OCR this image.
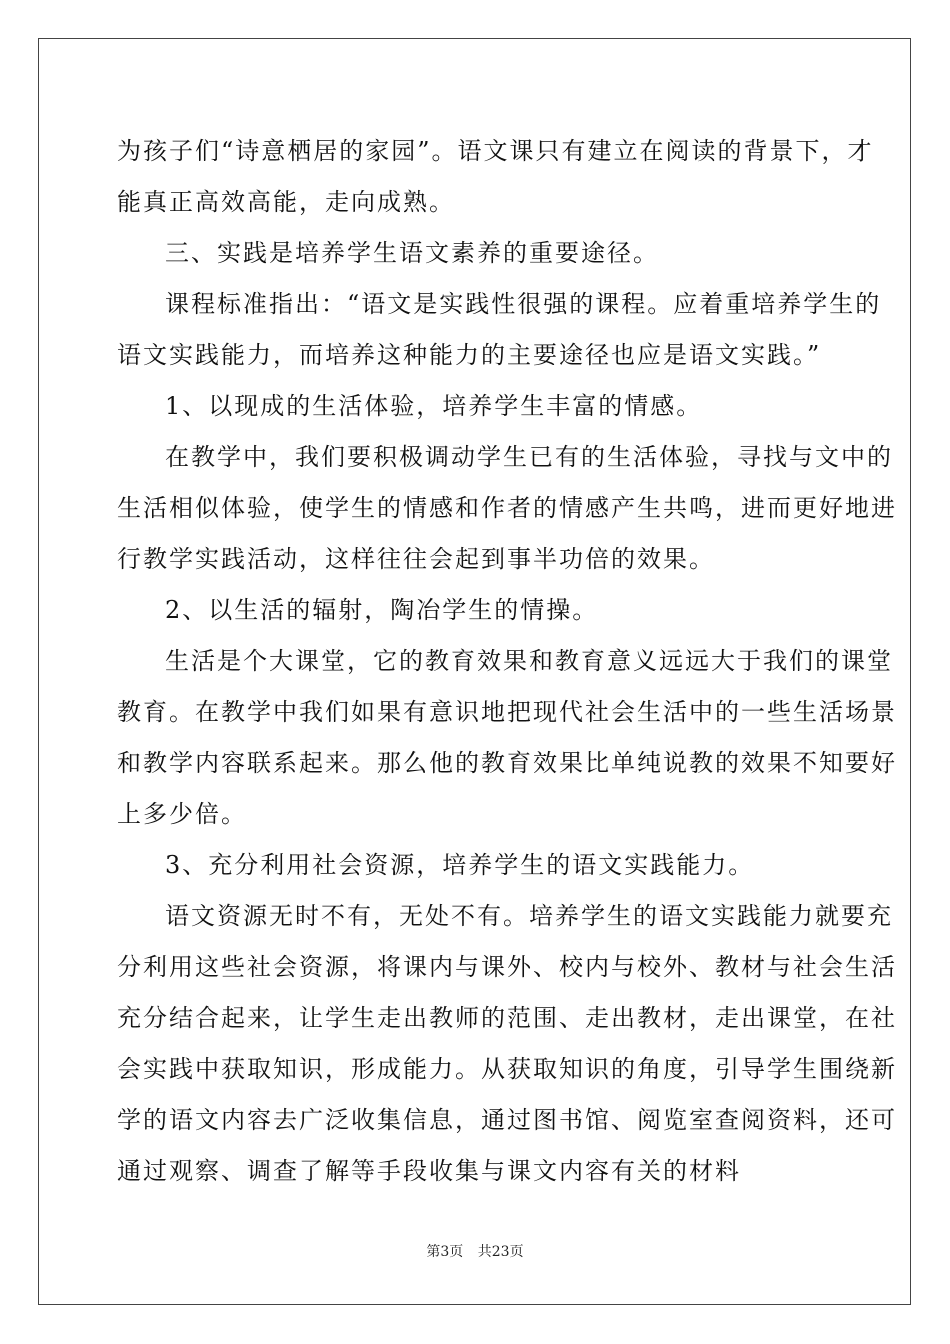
为孩子们“诗意栖居的家园”。语文课只有建立在阅读的背景下，才

能真正高效高能，走向成熟。

三、实践是培养学生语文素养的重要途径。

课程标准指出：“语文是实践性很强的课程。应着重培养学生的

语文实践能力，而培养这种能力的主要途径也应是语文实践。”

1、以现成的生活体验，培养学生丰富的情感。

在教学中，我们要积极调动学生已有的生活体验，寻找与文中的

生活相似体验，使学生的情感和作者的情感产生共鸣，进而更好地进

行教学实践活动，这样往往会起到事半功倍的效果。

2、以生活的辐射，陶冶学生的情操。

生活是个大课堂，它的教育效果和教育意义远远大于我们的课堂

教育。在教学中我们如果有意识地把现代社会生活中的一些生活场景

和教学内容联系起来。那么他的教育效果比单纯说教的效果不知要好

上多少倍。

3、充分利用社会资源，培养学生的语文实践能力。

语文资源无时不有，无处不有。培养学生的语文实践能力就要充

分利用这些社会资源，将课内与课外、校内与校外、教材与社会生活

充分结合起来，让学生走出教师的范围、走出教材，走出课堂，在社

会实践中获取知识，形成能力。从获取知识的角度，引导学生围绕新

学的语文内容去广泛收集信息，通过图书馆、阅览室查阅资料，还可

通过观察、调查了解等手段收集与课文内容有关的材料

第3页 共23页
